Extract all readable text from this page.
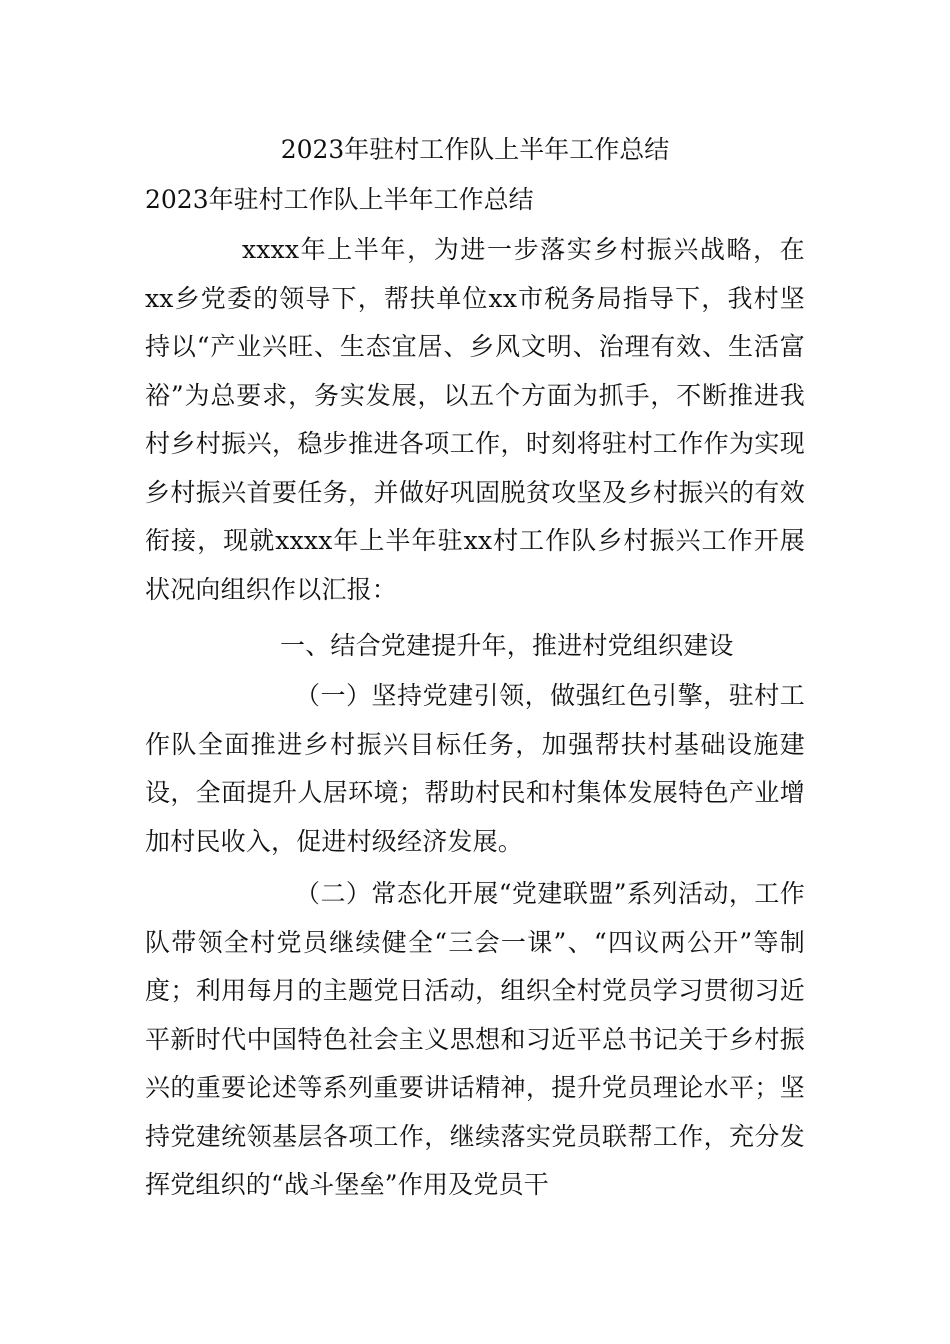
2023年驻村工作队上半年工作总结
2023年驻村工作队上半年工作总结

xxxx年上半年，为进一步落实乡村振兴战略，在xx乡党委的领导下，帮扶单位xx市税务局指导下，我村坚持以“产业兴旺、生态宜居、乡风文明、治理有效、生活富裕”为总要求，务实发展，以五个方面为抓手，不断推进我村乡村振兴，稳步推进各项工作，时刻将驻村工作作为实现乡村振兴首要任务，并做好巩固脱贫攻坚及乡村振兴的有效衔接，现就xxxx年上半年驻xx村工作队乡村振兴工作开展状况向组织作以汇报：

一、结合党建提升年，推进村党组织建设

（一）坚持党建引领，做强红色引擎，驻村工作队全面推进乡村振兴目标任务，加强帮扶村基础设施建设，全面提升人居环境；帮助村民和村集体发展特色产业增加村民收入，促进村级经济发展。

（二）常态化开展“党建联盟”系列活动，工作队带领全村党员继续健全“三会一课”、“四议两公开”等制度；利用每月的主题党日活动，组织全村党员学习贯彻习近平新时代中国特色社会主义思想和习近平总书记关于乡村振兴的重要论述等系列重要讲话精神，提升党员理论水平；坚持党建统领基层各项工作，继续落实党员联帮工作，充分发挥党组织的“战斗堡垒”作用及党员干
